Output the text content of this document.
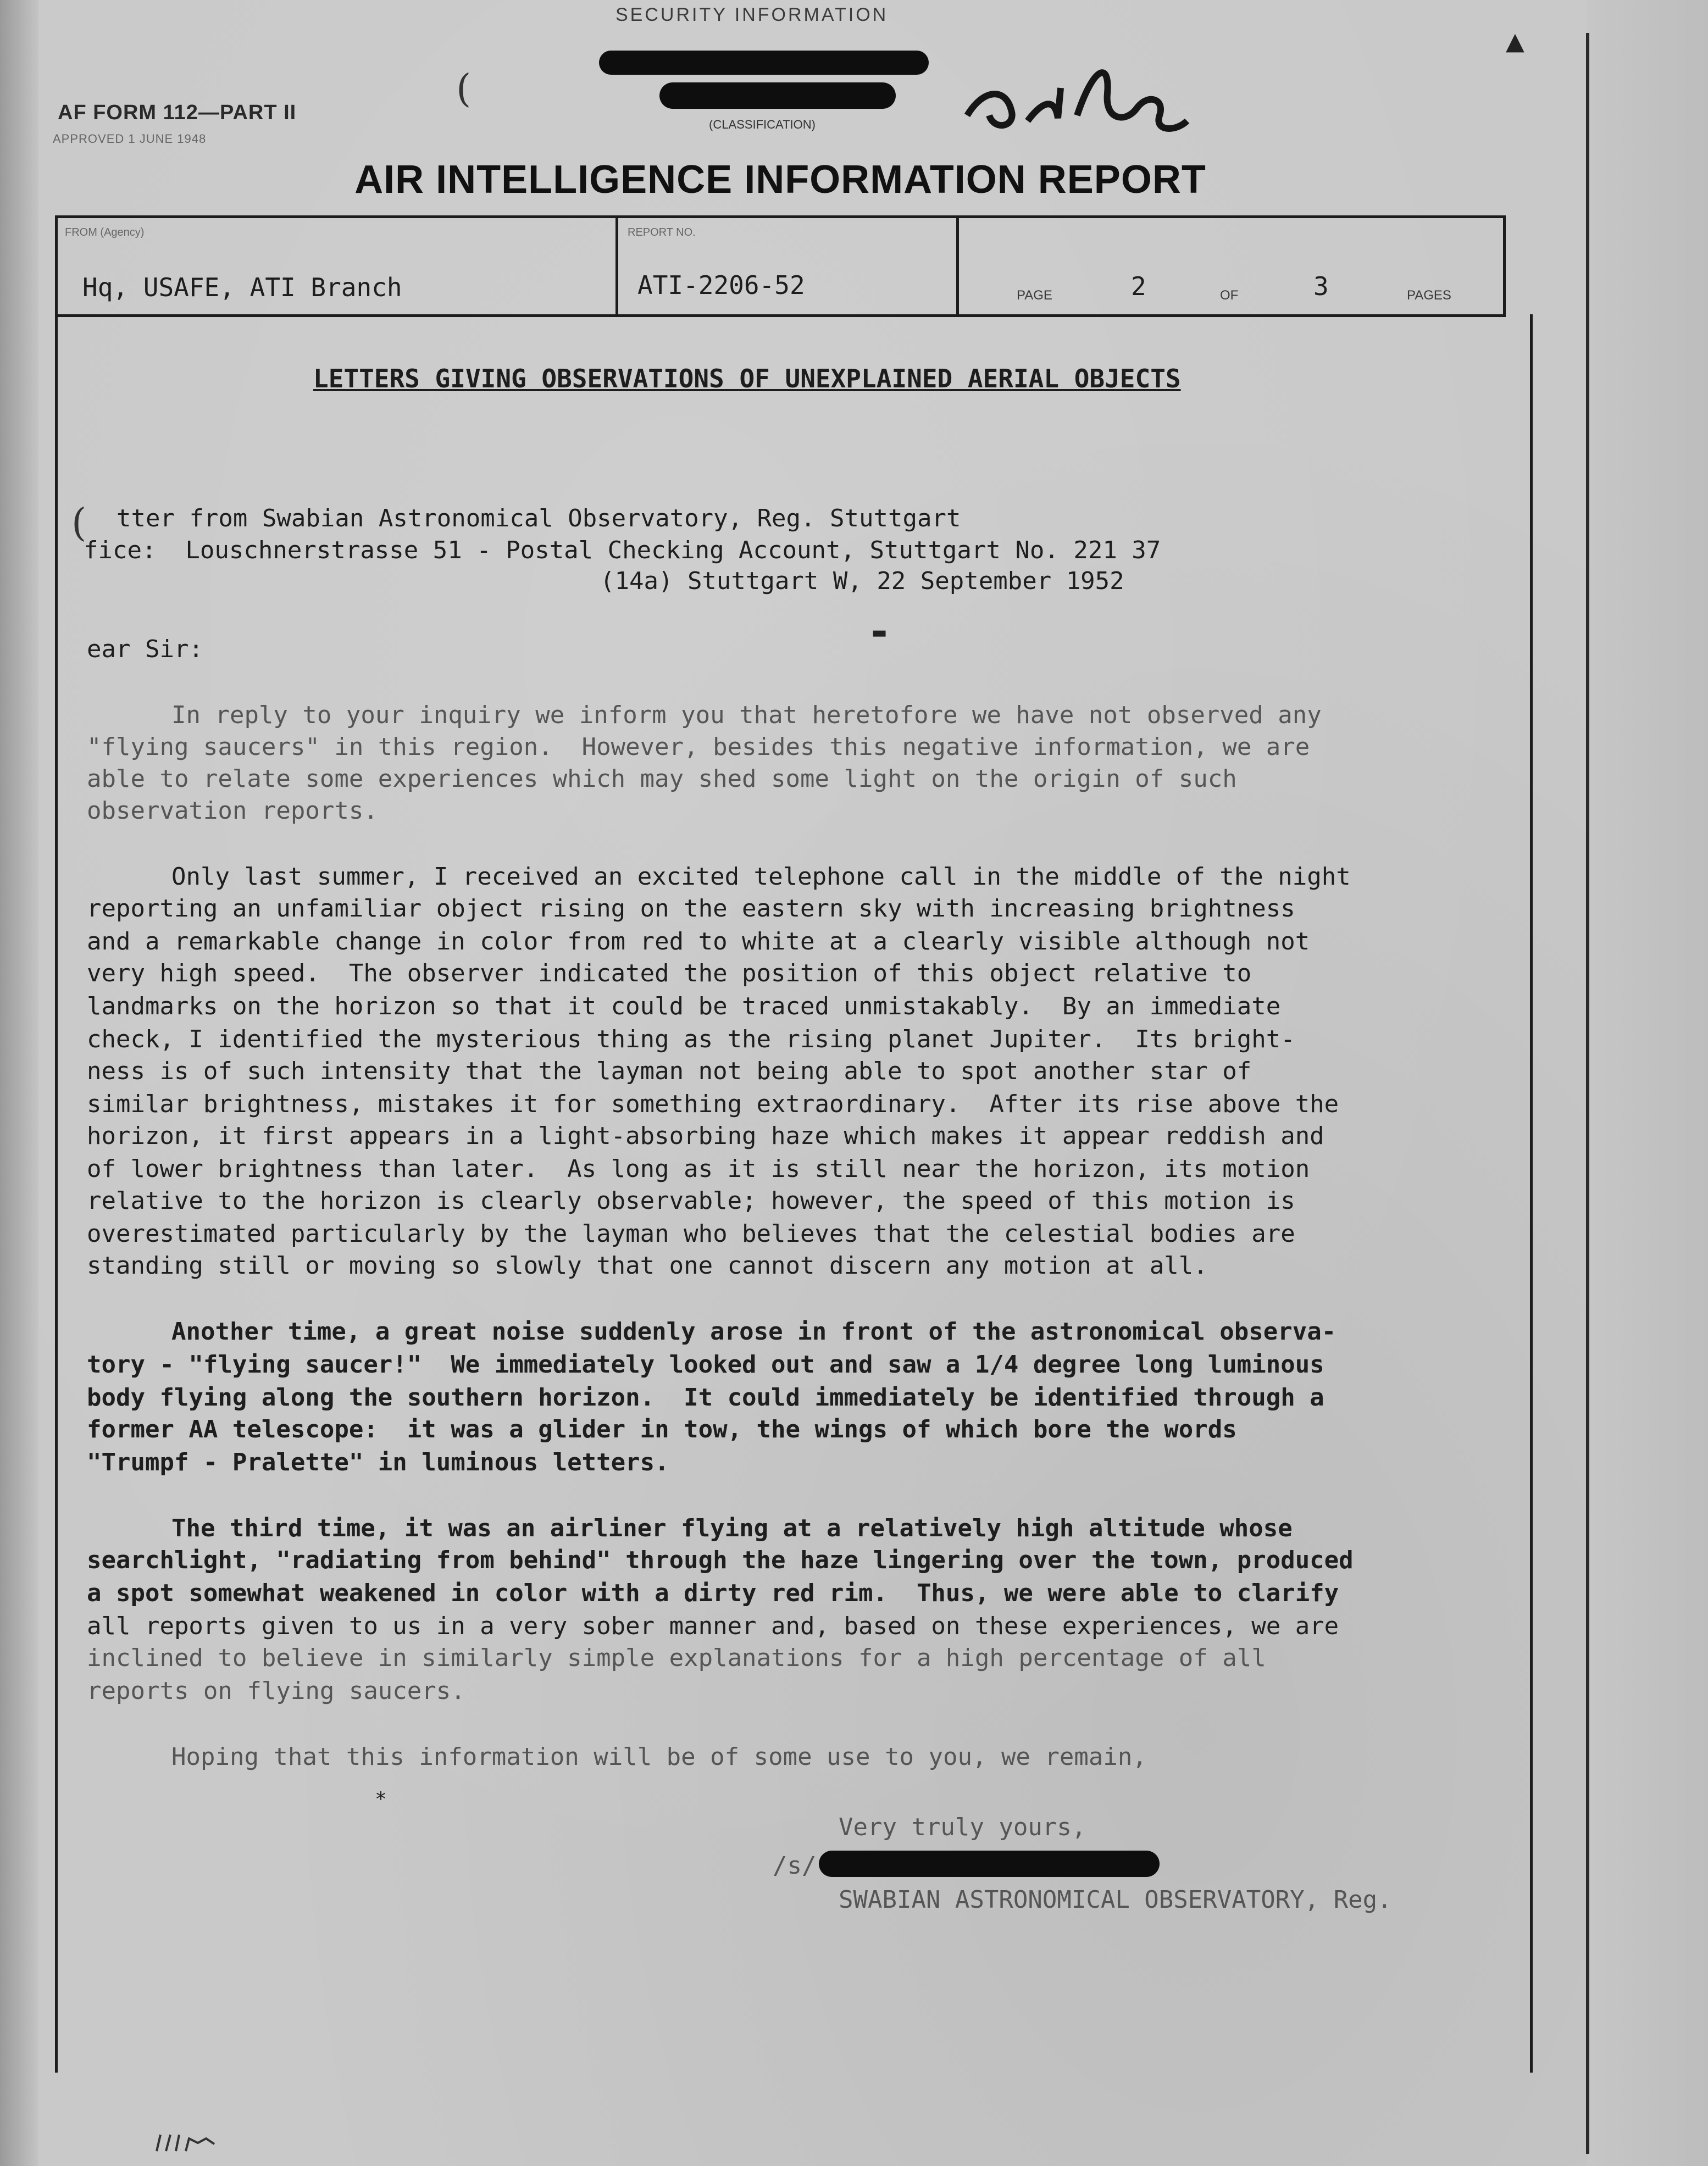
SECURITY INFORMATION
(CLASSIFICATION)
(
▲
AF FORM 112—PART II
APPROVED 1 JUNE 1948
AIR INTELLIGENCE INFORMATION REPORT
FROM (Agency)
Hq, USAFE, ATI Branch
REPORT NO.
ATI-2206-52	PAGE	2	OF	3	PAGES
LETTERS GIVING OBSERVATIONS OF UNEXPLAINED AERIAL OBJECTS
( tter from Swabian Astronomical Observatory, Reg. Stuttgart
fice:  Louschnerstrasse 51 - Postal Checking Account, Stuttgart No. 221 37
(14a) Stuttgart W, 22 September 1952
▬
ear Sir:
In reply to your inquiry we inform you that heretofore we have not observed any
"flying saucers" in this region.  However, besides this negative information, we are
able to relate some experiences which may shed some light on the origin of such
observation reports.
Only last summer, I received an excited telephone call in the middle of the night
reporting an unfamiliar object rising on the eastern sky with increasing brightness
and a remarkable change in color from red to white at a clearly visible although not
very high speed.  The observer indicated the position of this object relative to
landmarks on the horizon so that it could be traced unmistakably.  By an immediate
check, I identified the mysterious thing as the rising planet Jupiter.  Its bright-
ness is of such intensity that the layman not being able to spot another star of
similar brightness, mistakes it for something extraordinary.  After its rise above the
horizon, it first appears in a light-absorbing haze which makes it appear reddish and
of lower brightness than later.  As long as it is still near the horizon, its motion
relative to the horizon is clearly observable; however, the speed of this motion is
overestimated particularly by the layman who believes that the celestial bodies are
standing still or moving so slowly that one cannot discern any motion at all.
Another time, a great noise suddenly arose in front of the astronomical observa-
tory - "flying saucer!"  We immediately looked out and saw a 1/4 degree long luminous
body flying along the southern horizon.  It could immediately be identified through a
former AA telescope:  it was a glider in tow, the wings of which bore the words
"Trumpf - Pralette" in luminous letters.
The third time, it was an airliner flying at a relatively high altitude whose
searchlight, "radiating from behind" through the haze lingering over the town, produced
a spot somewhat weakened in color with a dirty red rim.  Thus, we were able to clarify
all reports given to us in a very sober manner and, based on these experiences, we are
inclined to believe in similarly simple explanations for a high percentage of all
reports on flying saucers.
Hoping that this information will be of some use to you, we remain,
*
Very truly yours,
/s/
SWABIAN ASTRONOMICAL OBSERVATORY, Reg.
